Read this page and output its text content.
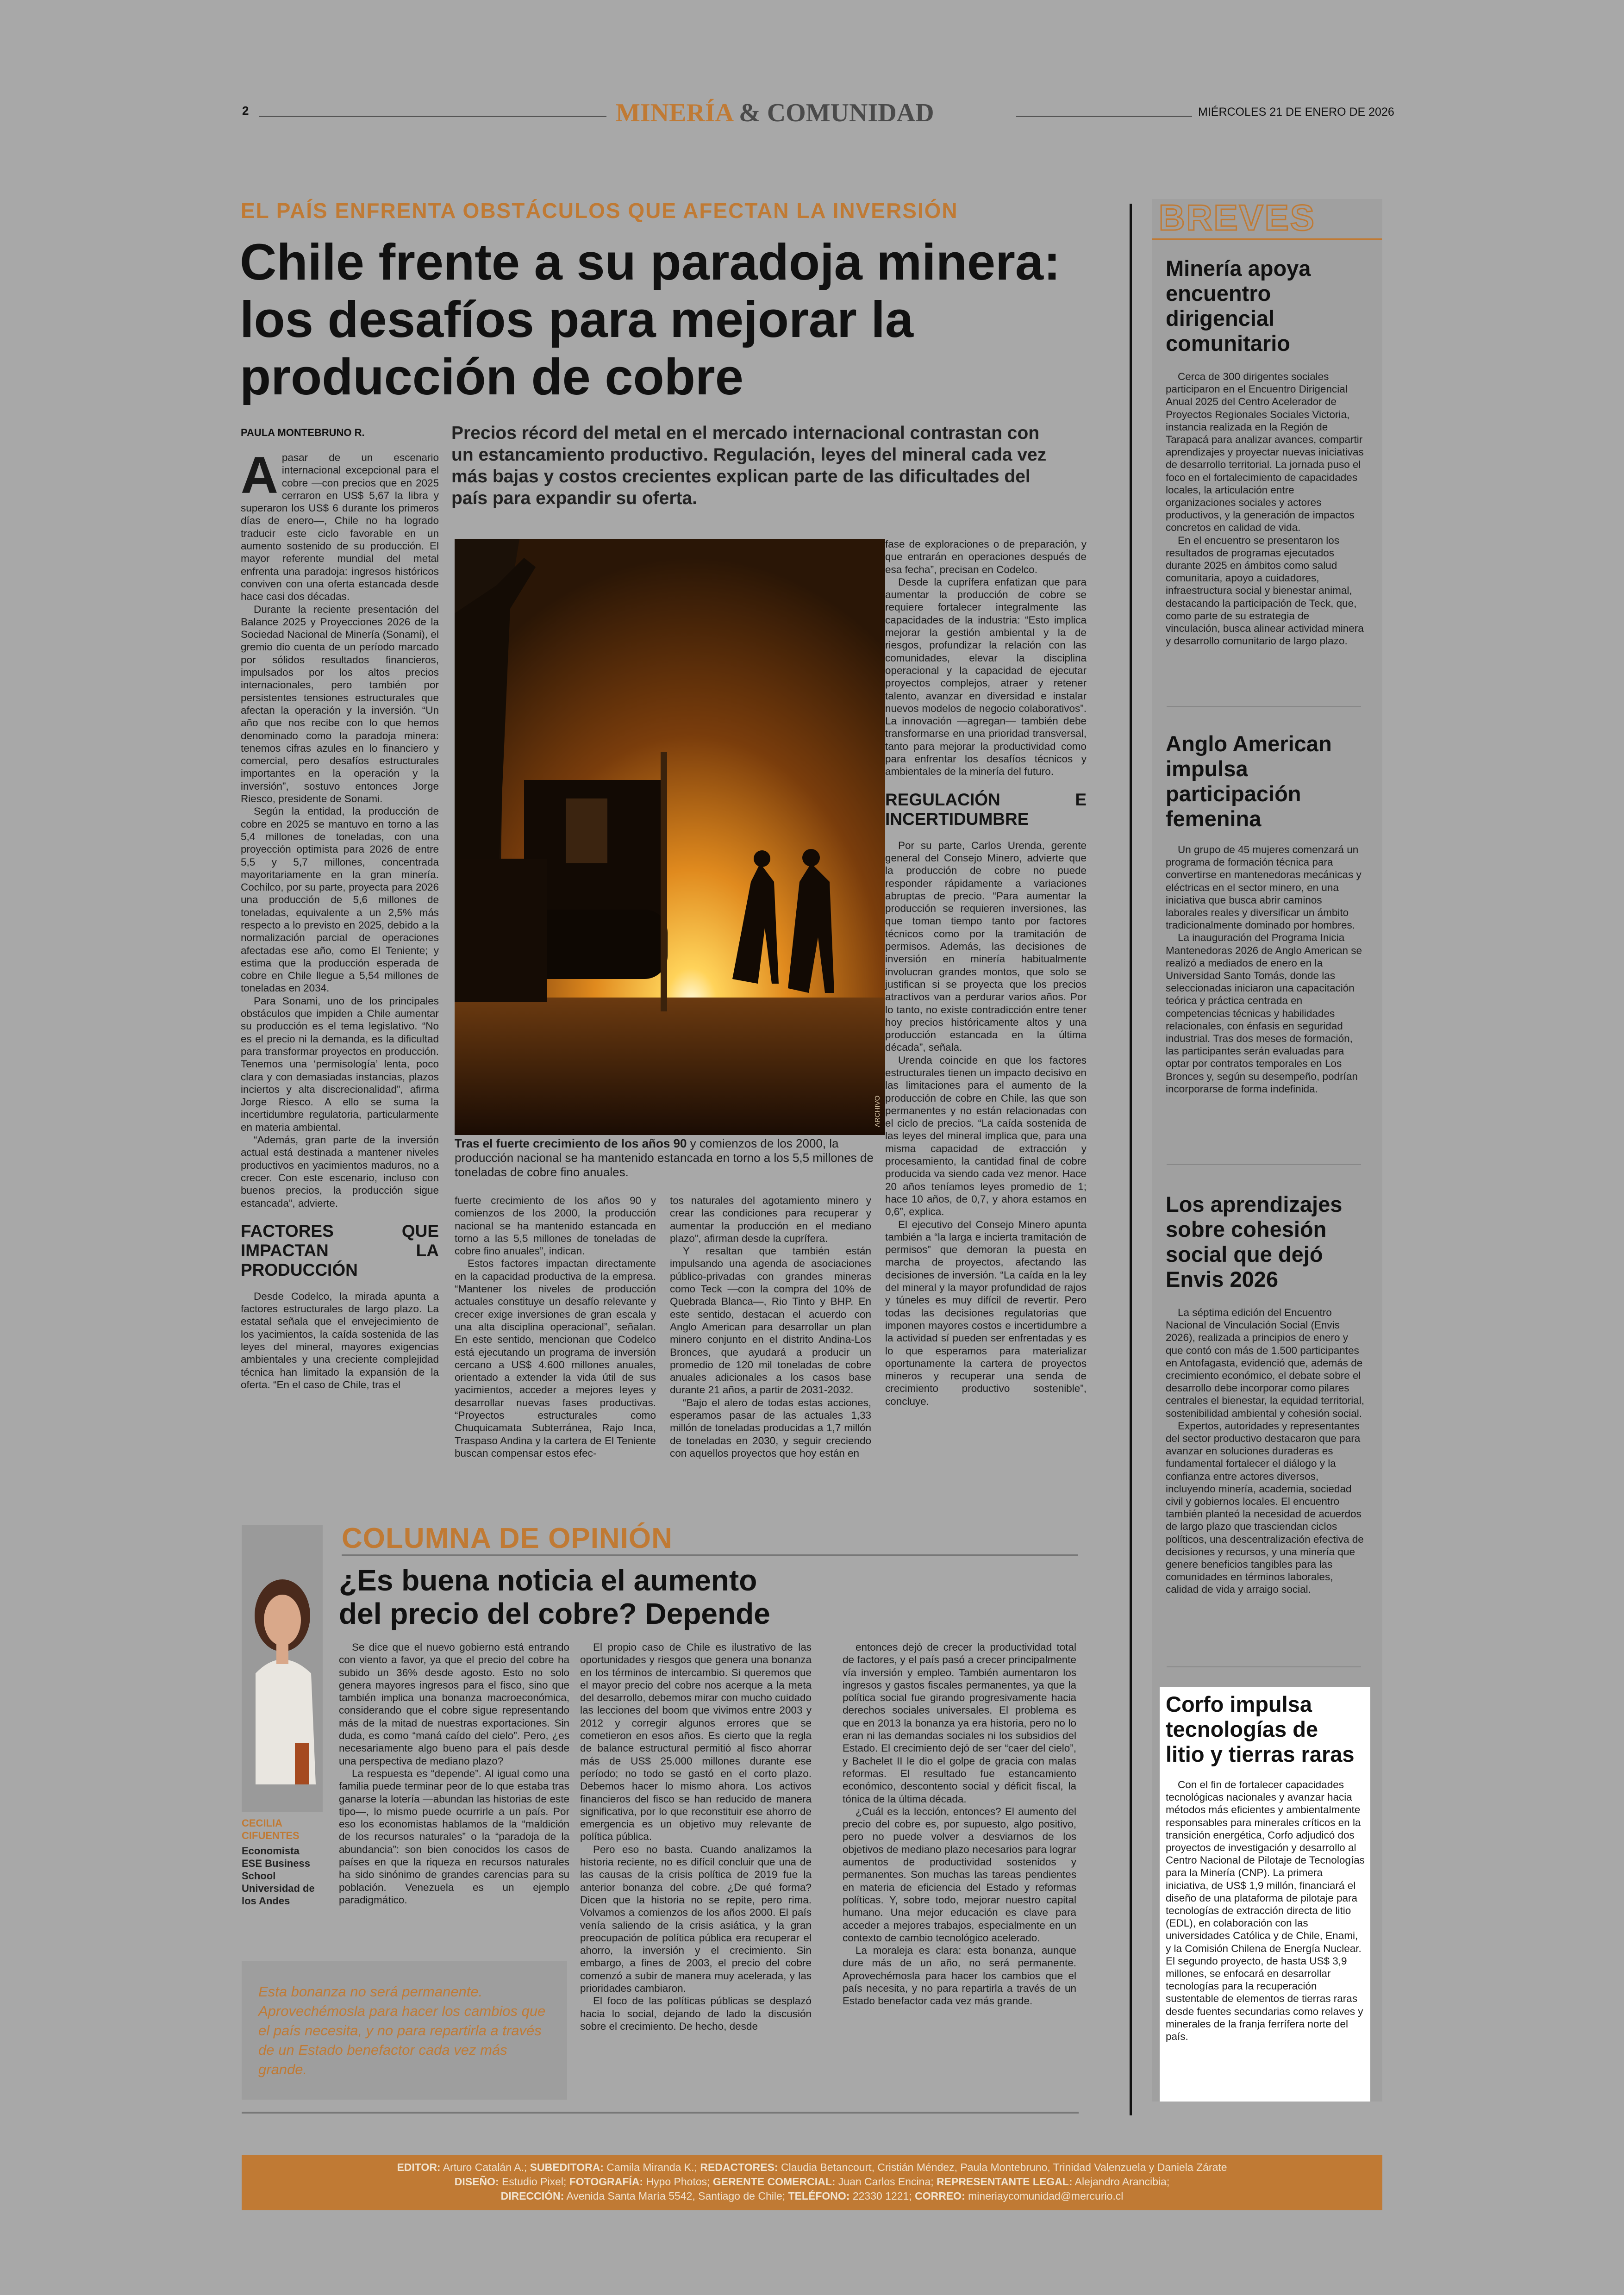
2	MINERÍA & COMUNIDAD	MIÉRCOLES 21 DE ENERO DE 2026
EL PAÍS ENFRENTA OBSTÁCULOS QUE AFECTAN LA INVERSIÓN
Chile frente a su paradoja minera:
los desafíos para mejorar la
producción de cobre
PAULA MONTEBRUNO R.	Precios récord del metal en el mercado internacional contrastan con
un estancamiento productivo. Regulación, leyes del mineral cada vez
más bajas y costos crecientes explican parte de las dificultades del
país para expandir su oferta.
A pasar de un escenario internacional excepcional para el cobre —con precios que en 2025 cerraron en US$ 5,67 la libra y superaron los US$ 6 durante los primeros días de enero—, Chile no ha logrado traducir este ciclo favorable en un aumento sostenido de su producción. El mayor referente mundial del metal enfrenta una paradoja: ingresos históricos conviven con una oferta estancada desde hace casi dos décadas.

Durante la reciente presentación del Balance 2025 y Proyecciones 2026 de la Sociedad Nacional de Minería (Sonami), el gremio dio cuenta de un período marcado por sólidos resultados financieros, impulsados por los altos precios internacionales, pero también por persistentes tensiones estructurales que afectan la operación y la inversión. “Un año que nos recibe con lo que hemos denominado como la paradoja minera: tenemos cifras azules en lo financiero y comercial, pero desafíos estructurales importantes en la operación y la inversión”, sostuvo entonces Jorge Riesco, presidente de Sonami.

Según la entidad, la producción de cobre en 2025 se mantuvo en torno a las 5,4 millones de toneladas, con una proyección optimista para 2026 de entre 5,5 y 5,7 millones, concentrada mayoritariamente en la gran minería. Cochilco, por su parte, proyecta para 2026 una producción de 5,6 millones de toneladas, equivalente a un 2,5% más respecto a lo previsto en 2025, debido a la normalización parcial de operaciones afectadas ese año, como El Teniente; y estima que la producción esperada de cobre en Chile llegue a 5,54 millones de toneladas en 2034.

Para Sonami, uno de los principales obstáculos que impiden a Chile aumentar su producción es el tema legislativo. “No es el precio ni la demanda, es la dificultad para transformar proyectos en producción. Tenemos una ‘permisología’ lenta, poco clara y con demasiadas instancias, plazos inciertos y alta discrecionalidad”, afirma Jorge Riesco. A ello se suma la incertidumbre regulatoria, particularmente en materia ambiental.

“Además, gran parte de la inversión actual está destinada a mantener niveles productivos en yacimientos maduros, no a crecer. Con este escenario, incluso con buenos precios, la producción sigue estancada”, advierte.

FACTORES QUE IMPACTAN LA PRODUCCIÓN

Desde Codelco, la mirada apunta a factores estructurales de largo plazo. La estatal señala que el envejecimiento de los yacimientos, la caída sostenida de las leyes del mineral, mayores exigencias ambientales y una creciente complejidad técnica han limitado la expansión de la oferta. “En el caso de Chile, tras el

ARCHIVO
Tras el fuerte crecimiento de los años 90 y comienzos de los 2000, la producción nacional se ha mantenido estancada en torno a los 5,5 millones de toneladas de cobre fino anuales.

fuerte crecimiento de los años 90 y comienzos de los 2000, la producción nacional se ha mantenido estancada en torno a las 5,5 millones de toneladas de cobre fino anuales”, indican.

Estos factores impactan directamente en la capacidad productiva de la empresa. “Mantener los niveles de producción actuales constituye un desafío relevante y crecer exige inversiones de gran escala y una alta disciplina operacional”, señalan. En este sentido, mencionan que Codelco está ejecutando un programa de inversión cercano a US$ 4.600 millones anuales, orientado a extender la vida útil de sus yacimientos, acceder a mejores leyes y desarrollar nuevas fases productivas. “Proyectos estructurales como Chuquicamata Subterránea, Rajo Inca, Traspaso Andina y la cartera de El Teniente buscan compensar estos efec-

tos naturales del agotamiento minero y crear las condiciones para recuperar y aumentar la producción en el mediano plazo”, afirman desde la cuprífera.

Y resaltan que también están impulsando una agenda de asociaciones público-privadas con grandes mineras como Teck —con la compra del 10% de Quebrada Blanca—, Rio Tinto y BHP. En este sentido, destacan el acuerdo con Anglo American para desarrollar un plan minero conjunto en el distrito Andina-Los Bronces, que ayudará a producir un promedio de 120 mil toneladas de cobre anuales adicionales a los casos base durante 21 años, a partir de 2031-2032.

“Bajo el alero de todas estas acciones, esperamos pasar de las actuales 1,33 millón de toneladas producidas a 1,7 millón de toneladas en 2030, y seguir creciendo con aquellos proyectos que hoy están en

fase de exploraciones o de preparación, y que entrarán en operaciones después de esa fecha”, precisan en Codelco.

Desde la cuprífera enfatizan que para aumentar la producción de cobre se requiere fortalecer integralmente las capacidades de la industria: “Esto implica mejorar la gestión ambiental y la de riesgos, profundizar la relación con las comunidades, elevar la disciplina operacional y la capacidad de ejecutar proyectos complejos, atraer y retener talento, avanzar en diversidad e instalar nuevos modelos de negocio colaborativos”. La innovación —agregan— también debe transformarse en una prioridad transversal, tanto para mejorar la productividad como para enfrentar los desafíos técnicos y ambientales de la minería del futuro.

REGULACIÓN E INCERTIDUMBRE

Por su parte, Carlos Urenda, gerente general del Consejo Minero, advierte que la producción de cobre no puede responder rápidamente a variaciones abruptas de precio. “Para aumentar la producción se requieren inversiones, las que toman tiempo tanto por factores técnicos como por la tramitación de permisos. Además, las decisiones de inversión en minería habitualmente involucran grandes montos, que solo se justifican si se proyecta que los precios atractivos van a perdurar varios años. Por lo tanto, no existe contradicción entre tener hoy precios históricamente altos y una producción estancada en la última década”, señala.

Urenda coincide en que los factores estructurales tienen un impacto decisivo en las limitaciones para el aumento de la producción de cobre en Chile, las que son permanentes y no están relacionadas con el ciclo de precios. “La caída sostenida de las leyes del mineral implica que, para una misma capacidad de extracción y procesamiento, la cantidad final de cobre producida va siendo cada vez menor. Hace 20 años teníamos leyes promedio de 1; hace 10 años, de 0,7, y ahora estamos en 0,6”, explica.

El ejecutivo del Consejo Minero apunta también a “la larga e incierta tramitación de permisos” que demoran la puesta en marcha de proyectos, afectando las decisiones de inversión. “La caída en la ley del mineral y la mayor profundidad de rajos y túneles es muy difícil de revertir. Pero todas las decisiones regulatorias que imponen mayores costos e incertidumbre a la actividad sí pueden ser enfrentadas y es lo que esperamos para materializar oportunamente la cartera de proyectos mineros y recuperar una senda de crecimiento productivo sostenible”, concluye.

CECILIA
CIFUENTES
Economista
ESE Business
School
Universidad de
los Andes
COLUMNA DE OPINIÓN
¿Es buena noticia el aumento
del precio del cobre? Depende

Se dice que el nuevo gobierno está entrando con viento a favor, ya que el precio del cobre ha subido un 36% desde agosto. Esto no solo genera mayores ingresos para el fisco, sino que también implica una bonanza macroeconómica, considerando que el cobre sigue representando más de la mitad de nuestras exportaciones. Sin duda, es como “maná caído del cielo”. Pero, ¿es necesariamente algo bueno para el país desde una perspectiva de mediano plazo?

La respuesta es “depende”. Al igual como una familia puede terminar peor de lo que estaba tras ganarse la lotería —abundan las historias de este tipo—, lo mismo puede ocurrirle a un país. Por eso los economistas hablamos de la “maldición de los recursos naturales” o la “paradoja de la abundancia”: son bien conocidos los casos de países en que la riqueza en recursos naturales ha sido sinónimo de grandes carencias para su población. Venezuela es un ejemplo paradigmático.

El propio caso de Chile es ilustrativo de las oportunidades y riesgos que genera una bonanza en los términos de intercambio. Si queremos que el mayor precio del cobre nos acerque a la meta del desarrollo, debemos mirar con mucho cuidado las lecciones del boom que vivimos entre 2003 y 2012 y corregir algunos errores que se cometieron en esos años. Es cierto que la regla de balance estructural permitió al fisco ahorrar más de US$ 25.000 millones durante ese período; no todo se gastó en el corto plazo. Debemos hacer lo mismo ahora. Los activos financieros del fisco se han reducido de manera significativa, por lo que reconstituir ese ahorro de emergencia es un objetivo muy relevante de política pública.

Pero eso no basta. Cuando analizamos la historia reciente, no es difícil concluir que una de las causas de la crisis política de 2019 fue la anterior bonanza del cobre. ¿De qué forma? Dicen que la historia no se repite, pero rima. Volvamos a comienzos de los años 2000. El país venía saliendo de la crisis asiática, y la gran preocupación de política pública era recuperar el ahorro, la inversión y el crecimiento. Sin embargo, a fines de 2003, el precio del cobre comenzó a subir de manera muy acelerada, y las prioridades cambiaron.

El foco de las políticas públicas se desplazó hacia lo social, dejando de lado la discusión sobre el crecimiento. De hecho, desde

entonces dejó de crecer la productividad total de factores, y el país pasó a crecer principalmente vía inversión y empleo. También aumentaron los ingresos y gastos fiscales permanentes, ya que la política social fue girando progresivamente hacia derechos sociales universales. El problema es que en 2013 la bonanza ya era historia, pero no lo eran ni las demandas sociales ni los subsidios del Estado. El crecimiento dejó de ser “caer del cielo”, y Bachelet II le dio el golpe de gracia con malas reformas. El resultado fue estancamiento económico, descontento social y déficit fiscal, la tónica de la última década.

¿Cuál es la lección, entonces? El aumento del precio del cobre es, por supuesto, algo positivo, pero no puede volver a desviarnos de los objetivos de mediano plazo necesarios para lograr aumentos de productividad sostenidos y permanentes. Son muchas las tareas pendientes en materia de eficiencia del Estado y reformas políticas. Y, sobre todo, mejorar nuestro capital humano. Una mejor educación es clave para acceder a mejores trabajos, especialmente en un contexto de cambio tecnológico acelerado.

La moraleja es clara: esta bonanza, aunque dure más de un año, no será permanente. Aprovechémosla para hacer los cambios que el país necesita, y no para repartirla a través de un Estado benefactor cada vez más grande.

Esta bonanza no será permanente. Aprovechémosla para hacer los cambios que el país necesita, y no para repartirla a través de un Estado benefactor cada vez más grande.
BREVES
Minería apoya
encuentro
dirigencial
comunitario

Cerca de 300 dirigentes sociales participaron en el Encuentro Dirigencial Anual 2025 del Centro Acelerador de Proyectos Regionales Sociales Victoria, instancia realizada en la Región de Tarapacá para analizar avances, compartir aprendizajes y proyectar nuevas iniciativas de desarrollo territorial. La jornada puso el foco en el fortalecimiento de capacidades locales, la articulación entre organizaciones sociales y actores productivos, y la generación de impactos concretos en calidad de vida.

En el encuentro se presentaron los resultados de programas ejecutados durante 2025 en ámbitos como salud comunitaria, apoyo a cuidadores, infraestructura social y bienestar animal, destacando la participación de Teck, que, como parte de su estrategia de vinculación, busca alinear actividad minera y desarrollo comunitario de largo plazo.

Anglo American
impulsa
participación
femenina

Un grupo de 45 mujeres comenzará un programa de formación técnica para convertirse en mantenedoras mecánicas y eléctricas en el sector minero, en una iniciativa que busca abrir caminos laborales reales y diversificar un ámbito tradicionalmente dominado por hombres.

La inauguración del Programa Inicia Mantenedoras 2026 de Anglo American se realizó a mediados de enero en la Universidad Santo Tomás, donde las seleccionadas iniciaron una capacitación teórica y práctica centrada en competencias técnicas y habilidades relacionales, con énfasis en seguridad industrial. Tras dos meses de formación, las participantes serán evaluadas para optar por contratos temporales en Los Bronces y, según su desempeño, podrían incorporarse de forma indefinida.

Los aprendizajes
sobre cohesión
social que dejó
Envis 2026

La séptima edición del Encuentro Nacional de Vinculación Social (Envis 2026), realizada a principios de enero y que contó con más de 1.500 participantes en Antofagasta, evidenció que, además de crecimiento económico, el debate sobre el desarrollo debe incorporar como pilares centrales el bienestar, la equidad territorial, sostenibilidad ambiental y cohesión social.

Expertos, autoridades y representantes del sector productivo destacaron que para avanzar en soluciones duraderas es fundamental fortalecer el diálogo y la confianza entre actores diversos, incluyendo minería, academia, sociedad civil y gobiernos locales. El encuentro también planteó la necesidad de acuerdos de largo plazo que trasciendan ciclos políticos, una descentralización efectiva de decisiones y recursos, y una minería que genere beneficios tangibles para las comunidades en términos laborales, calidad de vida y arraigo social.

Corfo impulsa
tecnologías de
litio y tierras raras

Con el fin de fortalecer capacidades tecnológicas nacionales y avanzar hacia métodos más eficientes y ambientalmente responsables para minerales críticos en la transición energética, Corfo adjudicó dos proyectos de investigación y desarrollo al Centro Nacional de Pilotaje de Tecnologías para la Minería (CNP). La primera iniciativa, de US$ 1,9 millón, financiará el diseño de una plataforma de pilotaje para tecnologías de extracción directa de litio (EDL), en colaboración con las universidades Católica y de Chile, Enami, y la Comisión Chilena de Energía Nuclear. El segundo proyecto, de hasta US$ 3,9 millones, se enfocará en desarrollar tecnologías para la recuperación sustentable de elementos de tierras raras desde fuentes secundarias como relaves y minerales de la franja ferrífera norte del país.

EDITOR: Arturo Catalán A.; SUBEDITORA: Camila Miranda K.; REDACTORES: Claudia Betancourt, Cristián Méndez, Paula Montebruno, Trinidad Valenzuela y Daniela Zárate
DISEÑO: Estudio Pixel; FOTOGRAFÍA: Hypo Photos; GERENTE COMERCIAL: Juan Carlos Encina; REPRESENTANTE LEGAL: Alejandro Arancibia;
DIRECCIÓN: Avenida Santa María 5542, Santiago de Chile; TELÉFONO: 22330 1221; CORREO: mineriaycomunidad@mercurio.cl
